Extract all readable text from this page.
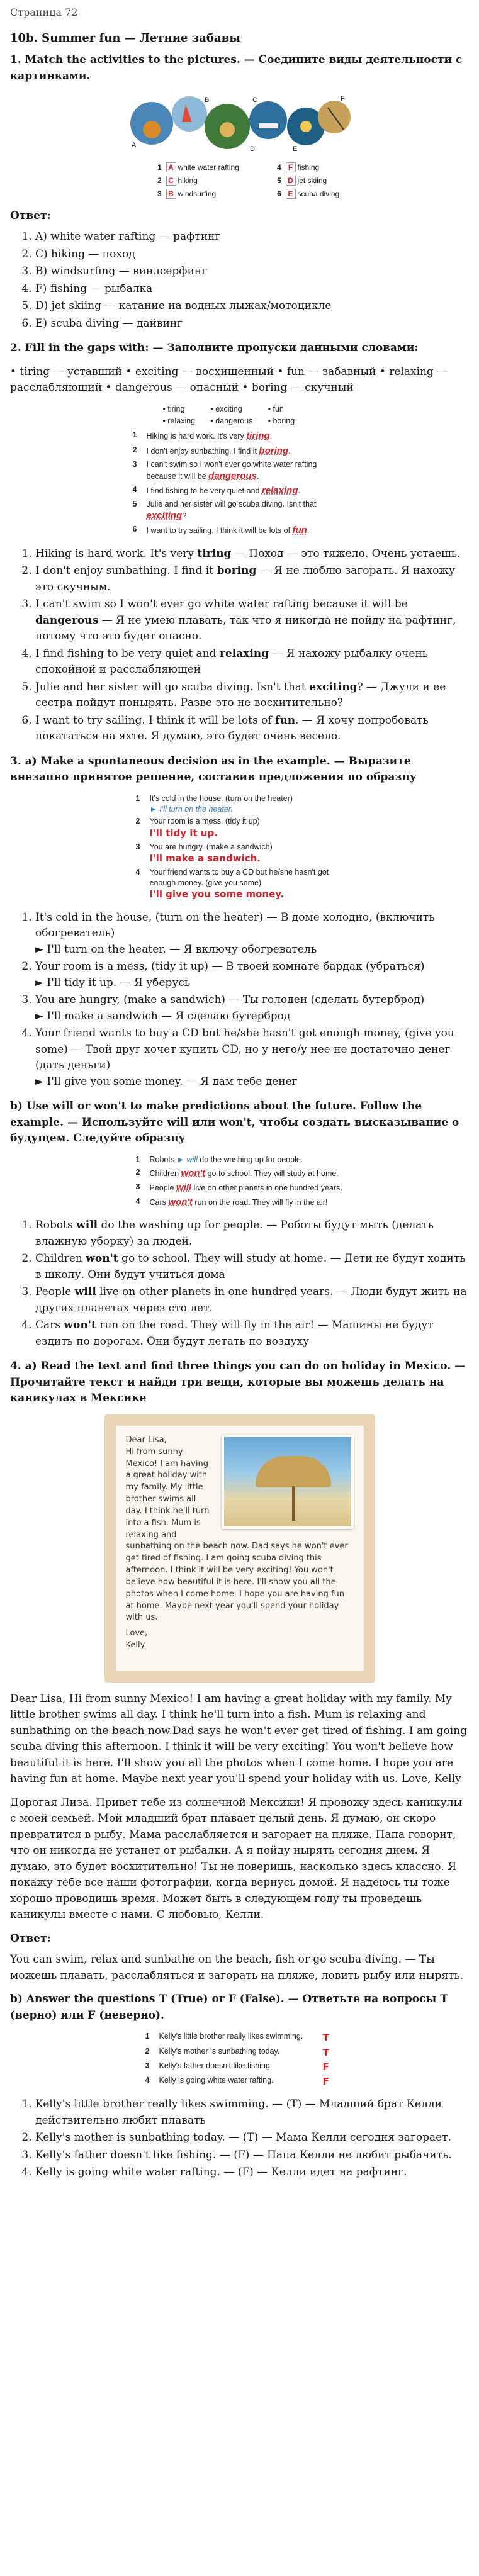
Страница 72
10b. Summer fun — Летние забавы

1. Match the activities to the pictures. — Соедините виды деятельности с картинками.

A
B	C
D	E
F
1 A white water rafting	4 F fishing
2 C hiking	5 D jet skiing
3 B windsurfing	6 E scuba diving

Ответ:

1. A) white water rafting — рафтинг
2. C) hiking — поход
3. B) windsurfing — виндсерфинг
4. F) fishing — рыбалка
5. D) jet skiing — катание на водных лыжах/мотоцикле
6. E) scuba diving — дайвинг

2. Fill in the gaps with: — Заполните пропуски данными словами:

• tiring — уставший • exciting — восхищенный • fun — забавный • relaxing — расслабляющий • dangerous — опасный • boring — скучный

• tiring	• exciting	• fun
• relaxing	• dangerous	• boring
1	Hiking is hard work. It's very tiring.
2	I don't enjoy sunbathing. I find it boring.
3	I can't swim so I won't ever go white water rafting because it will be dangerous.
4	I find fishing to be very quiet and relaxing.
5	Julie and her sister will go scuba diving. Isn't that exciting?
6	I want to try sailing. I think it will be lots of fun.
1. Hiking is hard work. It's very tiring — Поход — это тяжело. Очень устаешь.
2. I don't enjoy sunbathing. I find it boring — Я не люблю загорать. Я нахожу это скучным.
3. I can't swim so I won't ever go white water rafting because it will be dangerous — Я не умею плавать, так что я никогда не пойду на рафтинг, потому что это будет опасно.
4. I find fishing to be very quiet and relaxing — Я нахожу рыбалку очень спокойной и расслабляющей
5. Julie and her sister will go scuba diving. Isn't that exciting? — Джули и ее сестра пойдут понырять. Разве это не восхитительно?
6. I want to try sailing. I think it will be lots of fun. — Я хочу попробовать покататься на яхте. Я думаю, это будет очень весело.

3. a) Make a spontaneous decision as in the example. — Выразите внезапно принятое решение, составив предложения по образцу

1	It's cold in the house. (turn on the heater)
► I'll turn on the heater.
2	Your room is a mess. (tidy it up)
I'll tidy it up.
3	You are hungry. (make a sandwich)
I'll make a sandwich.
4	Your friend wants to buy a CD but he/she hasn't got enough money. (give you some)
I'll give you some money.
1. It's cold in the house, (turn on the heater) — В доме холодно, (включить обогреватель)
► I'll turn on the heater. — Я включу обогреватель
2. Your room is a mess, (tidy it up) — В твоей комнате бардак (убраться)
► I'll tidy it up. — Я уберусь
3. You are hungry, (make a sandwich) — Ты голоден (сделать бутерброд)
► I'll make a sandwich — Я сделаю бутерброд
4. Your friend wants to buy a CD but he/she hasn't got enough money, (give you some) — Твой друг хочет купить CD, но у него/у нее не достаточно денег (дать деньги)
► I'll give you some money. — Я дам тебе денег

b) Use will or won't to make predictions about the future. Follow the example. — Используйте will или won't, чтобы создать высказывание о будущем. Следуйте образцу

1	Robots ► will do the washing up for people.
2	Children won't go to school. They will study at home.
3	People will live on other planets in one hundred years.
4	Cars won't run on the road. They will fly in the air!
1. Robots will do the washing up for people. — Роботы будут мыть (делать влажную уборку) за людей.
2. Children won't go to school. They will study at home. — Дети не будут ходить в школу. Они будут учиться дома
3. People will live on other planets in one hundred years. — Люди будут жить на других планетах через сто лет.
4. Cars won't run on the road. They will fly in the air! — Машины не будут ездить по дорогам. Они будут летать по воздуху

4. a) Read the text and find three things you can do on holiday in Mexico. — Прочитайте текст и найди три вещи, которые вы можешь делать на каникулах в Мексике

Dear Lisa,
Hi from sunny Mexico! I am having a great holiday with my family. My little brother swims all day. I think he'll turn into a fish. Mum is relaxing and sunbathing on the beach now. Dad says he won't ever get tired of fishing. I am going scuba diving this afternoon. I think it will be very exciting! You won't believe how beautiful it is here. I'll show you all the photos when I come home. I hope you are having fun at home. Maybe next year you'll spend your holiday with us.
Love,
Kelly

Dear Lisa, Hi from sunny Mexico! I am having a great holiday with my family. My little brother swims all day. I think he'll turn into a fish. Mum is relaxing and sunbathing on the beach now.Dad says he won't ever get tired of fishing. I am going scuba diving this afternoon. I think it will be very exciting! You won't believe how beautiful it is here. I'll show you all the photos when I come home. I hope you are having fun at home. Maybe next year you'll spend your holiday with us. Love, Kelly

Дорогая Лиза. Привет тебе из солнечной Мексики! Я провожу здесь каникулы с моей семьей. Мой младший брат плавает целый день. Я думаю, он скоро превратится в рыбу. Мама расслабляется и загорает на пляже. Папа говорит, что он никогда не устанет от рыбалки. А я пойду нырять сегодня днем. Я думаю, это будет восхитительно! Ты не поверишь, насколько здесь классно. Я покажу тебе все наши фотографии, когда вернусь домой. Я надеюсь ты тоже хорошо проводишь время. Может быть в следующем году ты проведешь каникулы вместе с нами. С любовью, Келли.

Ответ:

You can swim, relax and sunbathe on the beach, fish or go scuba diving. — Ты можешь плавать, расслабляться и загорать на пляже, ловить рыбу или нырять.

b) Answer the questions T (True) or F (False). — Ответьте на вопросы Т (верно) или F (неверно).

1	Kelly's little brother really likes swimming.	T
2	Kelly's mother is sunbathing today.	T
3	Kelly's father doesn't like fishing.	F
4	Kelly is going white water rafting.	F
1. Kelly's little brother really likes swimming. — (T) — Младший брат Келли действительно любит плавать
2. Kelly's mother is sunbathing today. — (T) — Мама Келли сегодня загорает.
3. Kelly's father doesn't like fishing. — (F) — Папа Келли не любит рыбачить.
4. Kelly is going white water rafting. — (F) — Келли идет на рафтинг.
